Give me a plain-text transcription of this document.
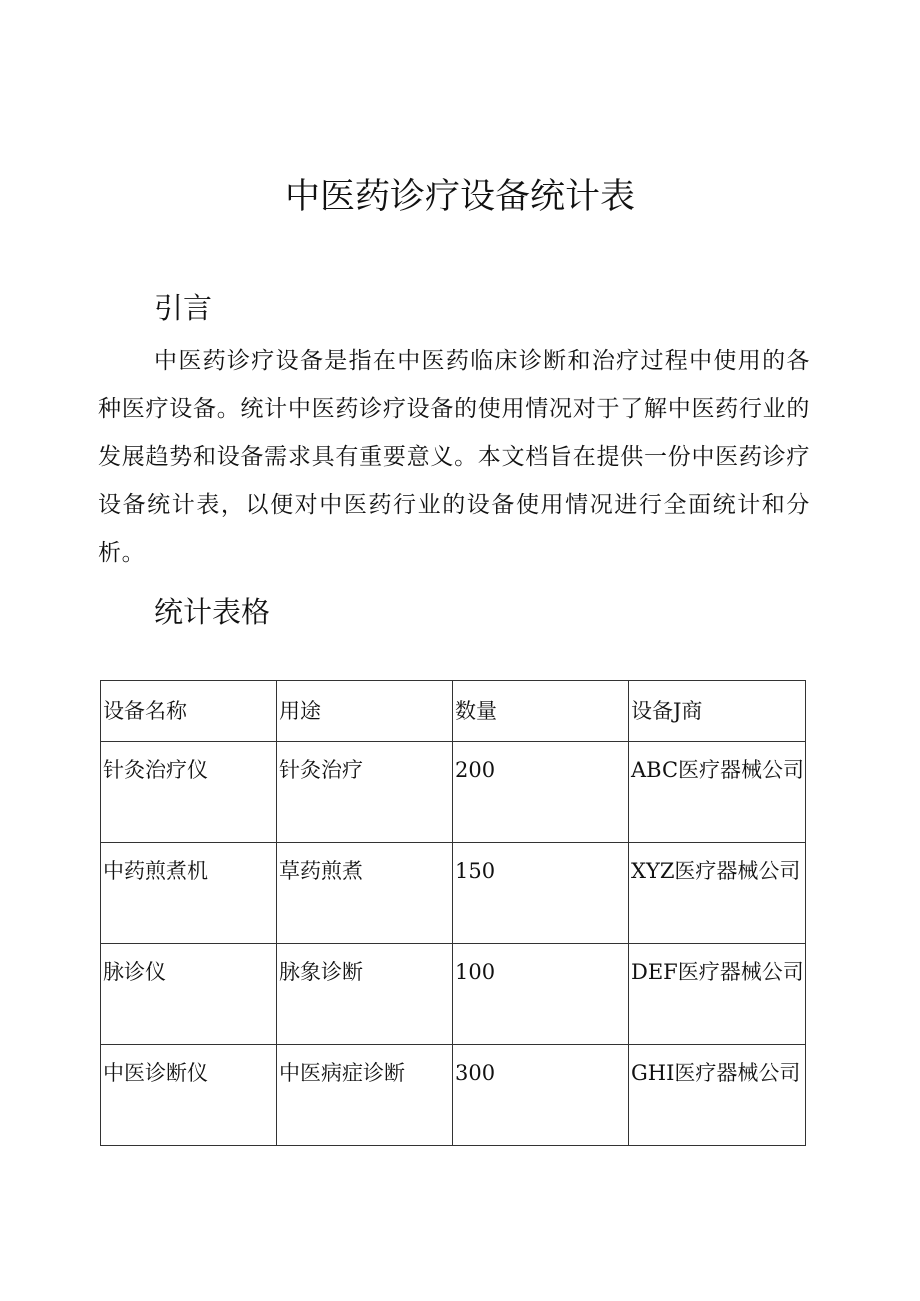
中医药诊疗设备统计表
引言

中医药诊疗设备是指在中医药临床诊断和治疗过程中使用的各种医疗设备。统计中医药诊疗设备的使用情况对于了解中医药行业的发展趋势和设备需求具有重要意义。本文档旨在提供一份中医药诊疗设备统计表，以便对中医药行业的设备使用情况进行全面统计和分析。

统计表格
设备名称	用途	数量	设备J商
针灸治疗仪	针灸治疗	200	ABC医疗器械公司
中药煎煮机	草药煎煮	150	XYZ医疗器械公司
脉诊仪	脉象诊断	100	DEF医疗器械公司
中医诊断仪	中医病症诊断	300	GHI医疗器械公司
